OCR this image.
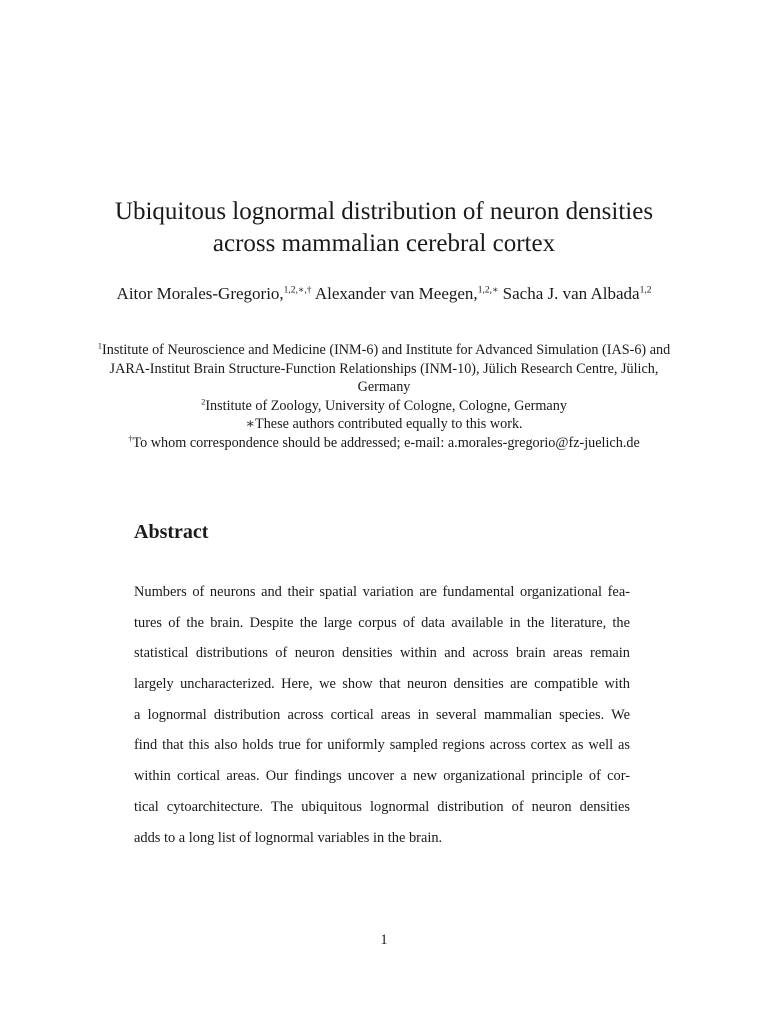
Ubiquitous lognormal distribution of neuron densities
across mammalian cerebral cortex
Aitor Morales-Gregorio,$^{1,2,∗,\dagger}$ Alexander van Meegen,$^{1,2,∗}$ Sacha J. van Albada$^{1,2}$
$^1$Institute of Neuroscience and Medicine (INM-6) and Institute for Advanced Simulation (IAS-6) and JARA-Institut Brain Structure-Function Relationships (INM-10), Jülich Research Centre, Jülich, Germany
$^2$Institute of Zoology, University of Cologne, Cologne, Germany
∗These authors contributed equally to this work.
†To whom correspondence should be addressed; e-mail: a.morales-gregorio@fz-juelich.de
Abstract
Numbers of neurons and their spatial variation are fundamental organizational fea-
tures of the brain. Despite the large corpus of data available in the literature, the
statistical distributions of neuron densities within and across brain areas remain
largely uncharacterized. Here, we show that neuron densities are compatible with
a lognormal distribution across cortical areas in several mammalian species. We
find that this also holds true for uniformly sampled regions across cortex as well as
within cortical areas. Our findings uncover a new organizational principle of cor-
tical cytoarchitecture. The ubiquitous lognormal distribution of neuron densities
adds to a long list of lognormal variables in the brain.
1
